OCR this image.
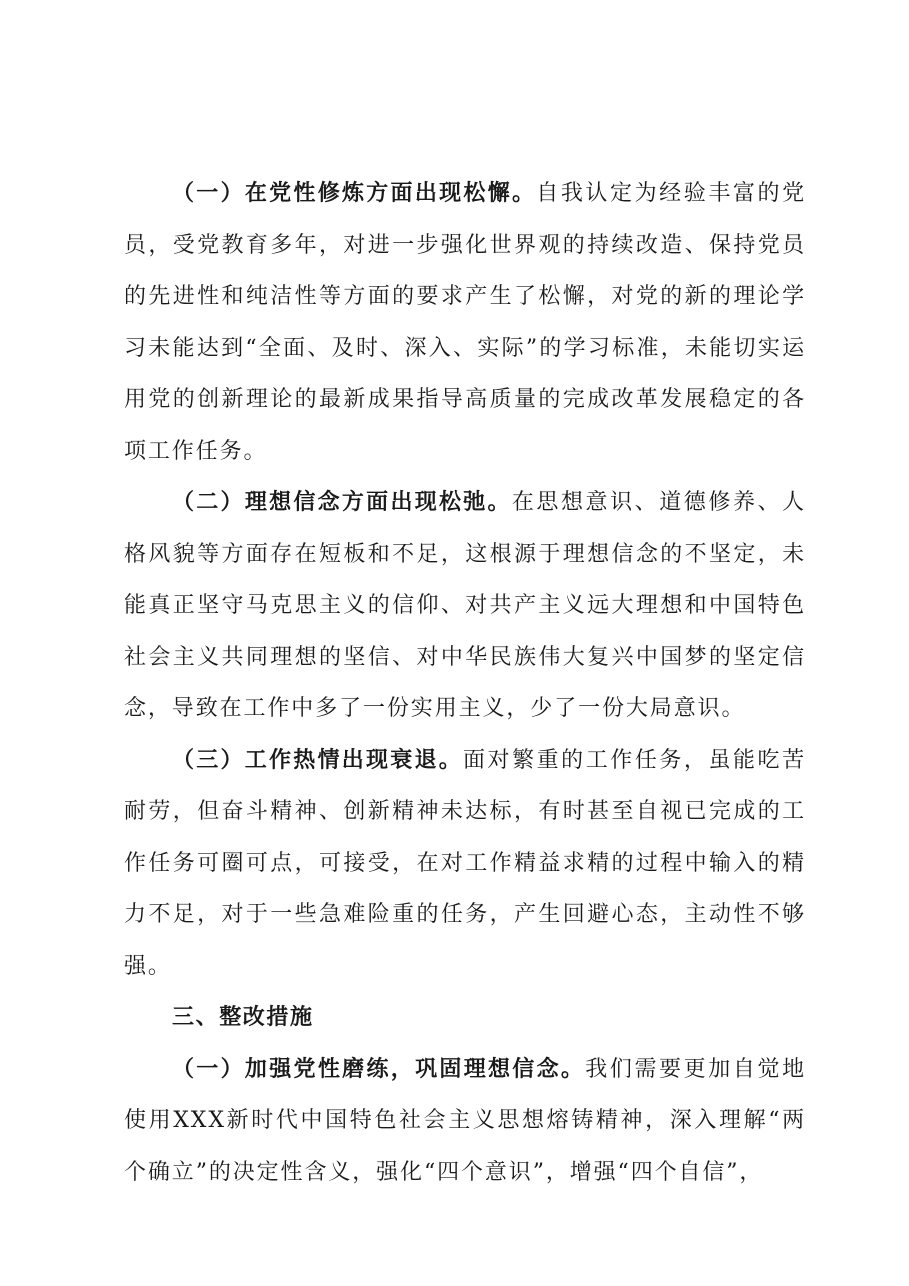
（一）在党性修炼方面出现松懈。自我认定为经验丰富的党员，受党教育多年，对进一步强化世界观的持续改造、保持党员的先进性和纯洁性等方面的要求产生了松懈，对党的新的理论学习未能达到“全面、及时、深入、实际”的学习标准，未能切实运用党的创新理论的最新成果指导高质量的完成改革发展稳定的各项工作任务。

（二）理想信念方面出现松弛。在思想意识、道德修养、人格风貌等方面存在短板和不足，这根源于理想信念的不坚定，未能真正坚守马克思主义的信仰、对共产主义远大理想和中国特色社会主义共同理想的坚信、对中华民族伟大复兴中国梦的坚定信念，导致在工作中多了一份实用主义，少了一份大局意识。

（三）工作热情出现衰退。面对繁重的工作任务，虽能吃苦耐劳，但奋斗精神、创新精神未达标，有时甚至自视已完成的工作任务可圈可点，可接受，在对工作精益求精的过程中输入的精力不足，对于一些急难险重的任务，产生回避心态，主动性不够强。

三、整改措施

（一）加强党性磨练，巩固理想信念。我们需要更加自觉地使用XXX新时代中国特色社会主义思想熔铸精神，深入理解“两个确立”的决定性含义，强化“四个意识”，增强“四个自信”，
